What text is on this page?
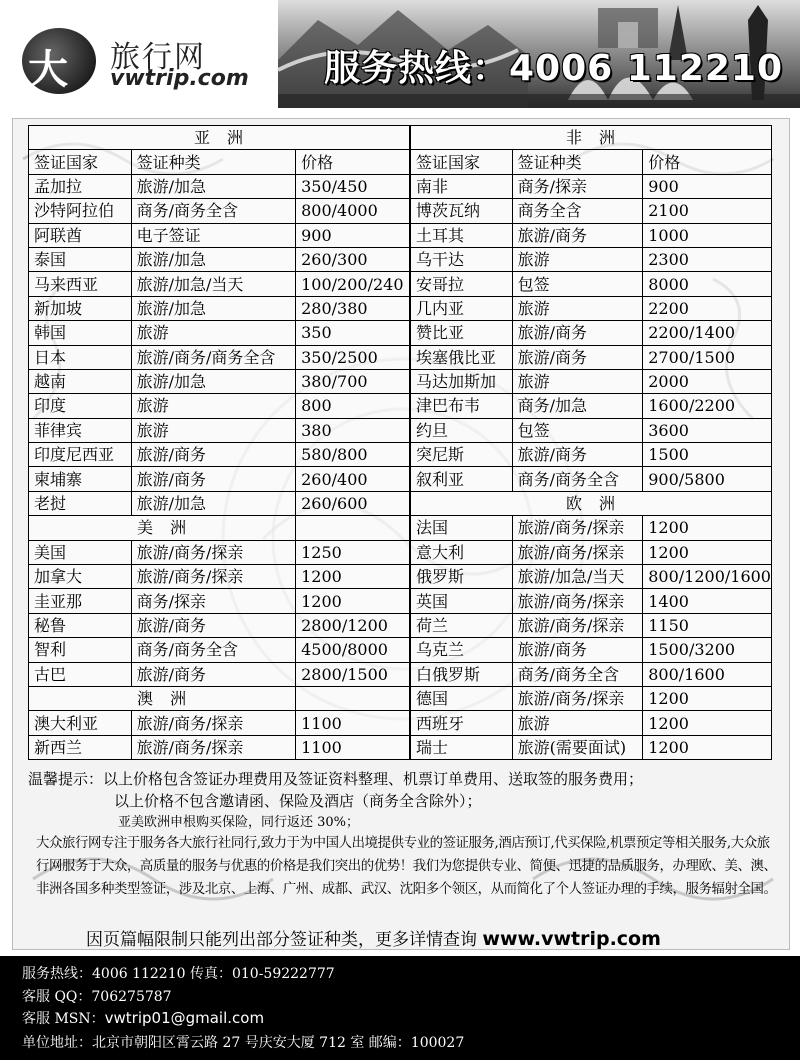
大	旅行网
vwtrip.com 服务热线：4006 112210
亚 洲		
签证国家	签证种类	价格
孟加拉	旅游/加急	350/450
沙特阿拉伯	商务/商务全含	800/4000
阿联酋	电子签证	900
泰国	旅游/加急	260/300
马来西亚	旅游/加急/当天	100/200/240
新加坡	旅游/加急	280/380
韩国	旅游	350
日本	旅游/商务/商务全含	350/2500
越南	旅游/加急	380/700
印度	旅游	800
菲律宾	旅游	380
印度尼西亚	旅游/商务	580/800
柬埔寨	旅游/商务	260/400
老挝	旅游/加急	260/600
美 洲		
美国	旅游/商务/探亲	1250
加拿大	旅游/商务/探亲	1200
圭亚那	商务/探亲	1200
秘鲁	旅游/商务	2800/1200
智利	商务/商务全含	4500/8000
古巴	旅游/商务	2800/1500
澳 洲		
澳大利亚	旅游/商务/探亲	1100
新西兰	旅游/商务/探亲	1100
非 洲		
签证国家	签证种类	价格
南非	商务/探亲	900
博茨瓦纳	商务全含	2100
土耳其	旅游/商务	1000
乌干达	旅游	2300
安哥拉	包签	8000
几内亚	旅游	2200
赞比亚	旅游/商务	2200/1400
埃塞俄比亚	旅游/商务	2700/1500
马达加斯加	旅游	2000
津巴布韦	商务/加急	1600/2200
约旦	包签	3600
突尼斯	旅游/商务	1500
叙利亚	商务/商务全含	900/5800
欧 洲		
法国	旅游/商务/探亲	1200
意大利	旅游/商务/探亲	1200
俄罗斯	旅游/加急/当天	800/1200/1600
英国	旅游/商务/探亲	1400
荷兰	旅游/商务/探亲	1150
乌克兰	旅游/商务	1500/3200
白俄罗斯	商务/商务全含	800/1600
德国	旅游/商务/探亲	1200
西班牙	旅游	1200
瑞士	旅游(需要面试)	1200
温馨提示：以上价格包含签证办理费用及签证资料整理、机票订单费用、送取签的服务费用；
以上价格不包含邀请函、保险及酒店（商务全含除外）；
亚美欧洲申根购买保险，同行返还 30%；
大众旅行网专注于服务各大旅行社同行,致力于为中国人出境提供专业的签证服务,酒店预订,代买保险,机票预定等相关服务,大众旅行网服务于大众，高质量的服务与优惠的价格是我们突出的优势！我们为您提供专业、简便、迅捷的品质服务，办理欧、美、澳、非洲各国多种类型签证，涉及北京、上海、广州、成都、武汉、沈阳多个领区，从而简化了个人签证办理的手续，服务辐射全国。
因页篇幅限制只能列出部分签证种类，更多详情查询 www.vwtrip.com
服务热线：4006 112210 传真：010-59222777
客服 QQ：706275787
客服 MSN：vwtrip01@gmail.com
单位地址：北京市朝阳区霄云路 27 号庆安大厦 712 室 邮编：100027
